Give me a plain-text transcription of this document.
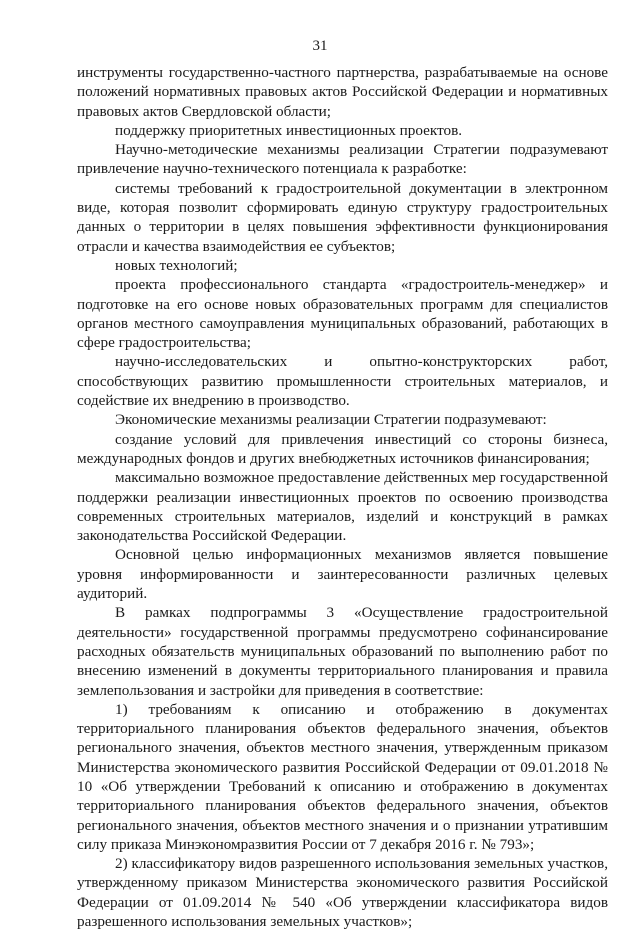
31

инструменты государственно-частного партнерства, разрабатываемые на основе положений нормативных правовых актов Российской Федерации и нормативных правовых актов Свердловской области;

поддержку приоритетных инвестиционных проектов.

Научно-методические механизмы реализации Стратегии подразумевают привлечение научно-технического потенциала к разработке:

системы требований к градостроительной документации в электронном виде, которая позволит сформировать единую структуру градостроительных данных о территории в целях повышения эффективности функционирования отрасли и качества взаимодействия ее субъектов;

новых технологий;

проекта профессионального стандарта «градостроитель-менеджер» и подготовке на его основе новых образовательных программ для специалистов органов местного самоуправления муниципальных образований, работающих в сфере градостроительства;

научно-исследовательских и опытно-конструкторских работ, способствующих развитию промышленности строительных материалов, и содействие их внедрению в производство.

Экономические механизмы реализации Стратегии подразумевают:

создание условий для привлечения инвестиций со стороны бизнеса, международных фондов и других внебюджетных источников финансирования;

максимально возможное предоставление действенных мер государственной поддержки реализации инвестиционных проектов по освоению производства современных строительных материалов, изделий и конструкций в рамках законодательства Российской Федерации.

Основной целью информационных механизмов является повышение уровня информированности и заинтересованности различных целевых аудиторий.

В рамках подпрограммы 3 «Осуществление градостроительной деятельности» государственной программы предусмотрено софинансирование расходных обязательств муниципальных образований по выполнению работ по внесению изменений в документы территориального планирования и правила землепользования и застройки для приведения в соответствие:

1) требованиям к описанию и отображению в документах территориального планирования объектов федерального значения, объектов регионального значения, объектов местного значения, утвержденным приказом Министерства экономического развития Российской Федерации от 09.01.2018 № 10 «Об утверждении Требований к описанию и отображению в документах территориального планирования объектов федерального значения, объектов регионального значения, объектов местного значения и о признании утратившим силу приказа Минэкономразвития России от 7 декабря 2016 г. № 793»;

2) классификатору видов разрешенного использования земельных участков, утвержденному приказом Министерства экономического развития Российской Федерации от 01.09.2014 № 540 «Об утверждении классификатора видов разрешенного использования земельных участков»;
